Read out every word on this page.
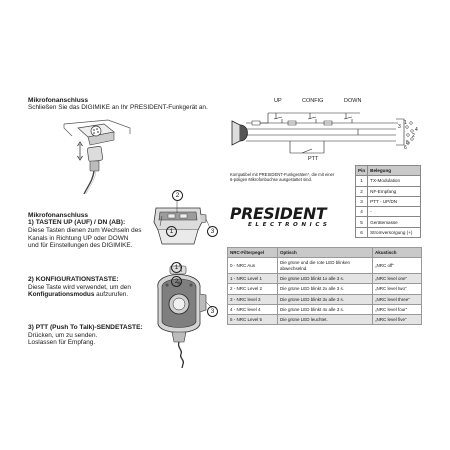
Mikrofonanschluss
Schließen Sie das DIGIMIKE an Ihr PRESIDENT-Funkgerät an.
Mikrofonanschluss
1) TASTEN UP (AUF) / DN (AB):
Diese Tasten dienen zum Wechseln des
Kanals in Richtung UP oder DOWN
und für Einstellungen des DIGIMIKE.
2) KONFIGURATIONSTASTE:
Diese Taste wird verwendet, um den
Konfigurationsmodus aufzurufen.
3) PTT (Push To Talk)-SENDETASTE:
Drücken, um zu senden.
Loslassen für Empfang.
2
1	3
1
2
3
UP	CONFIG	DOWN
PTT
1
3	4
2
5
6
Kompatibel mit PRESIDENT-Funkgeräten*, die mit einer
6-poligen Mikrofonbuchse ausgestattet sind.
PRESIDENT
ELECTRONICS
Pin	Belegung
1	TX-Modulation
2	NF-Empfang
3	PTT - UP/DN
4	-
5	Gerätemasse
6	Stromversorgung (+)
NRC-Filterpegel	Optisch	Akustisch
0 - NRC Aus	Die grüne und die rote LED blinken abwechselnd.	„NRC off“
1 - NRC Level 1	Die grüne LED blinkt 1x alle 3 s.	„NRC level one“
2 - NRC Level 2	Die grüne LED blinkt 2x alle 3 s.	„NRC level two“
3 - NRC level 3	Die grüne LED blinkt 3x alle 3 s.	„NRC level three“
4 - NRC level 4	Die grüne LED blinkt 4x alle 3 s.	„NRC level four“
5 - NRC Level 5	Die grüne LED leuchtet.	„NRC level five“
